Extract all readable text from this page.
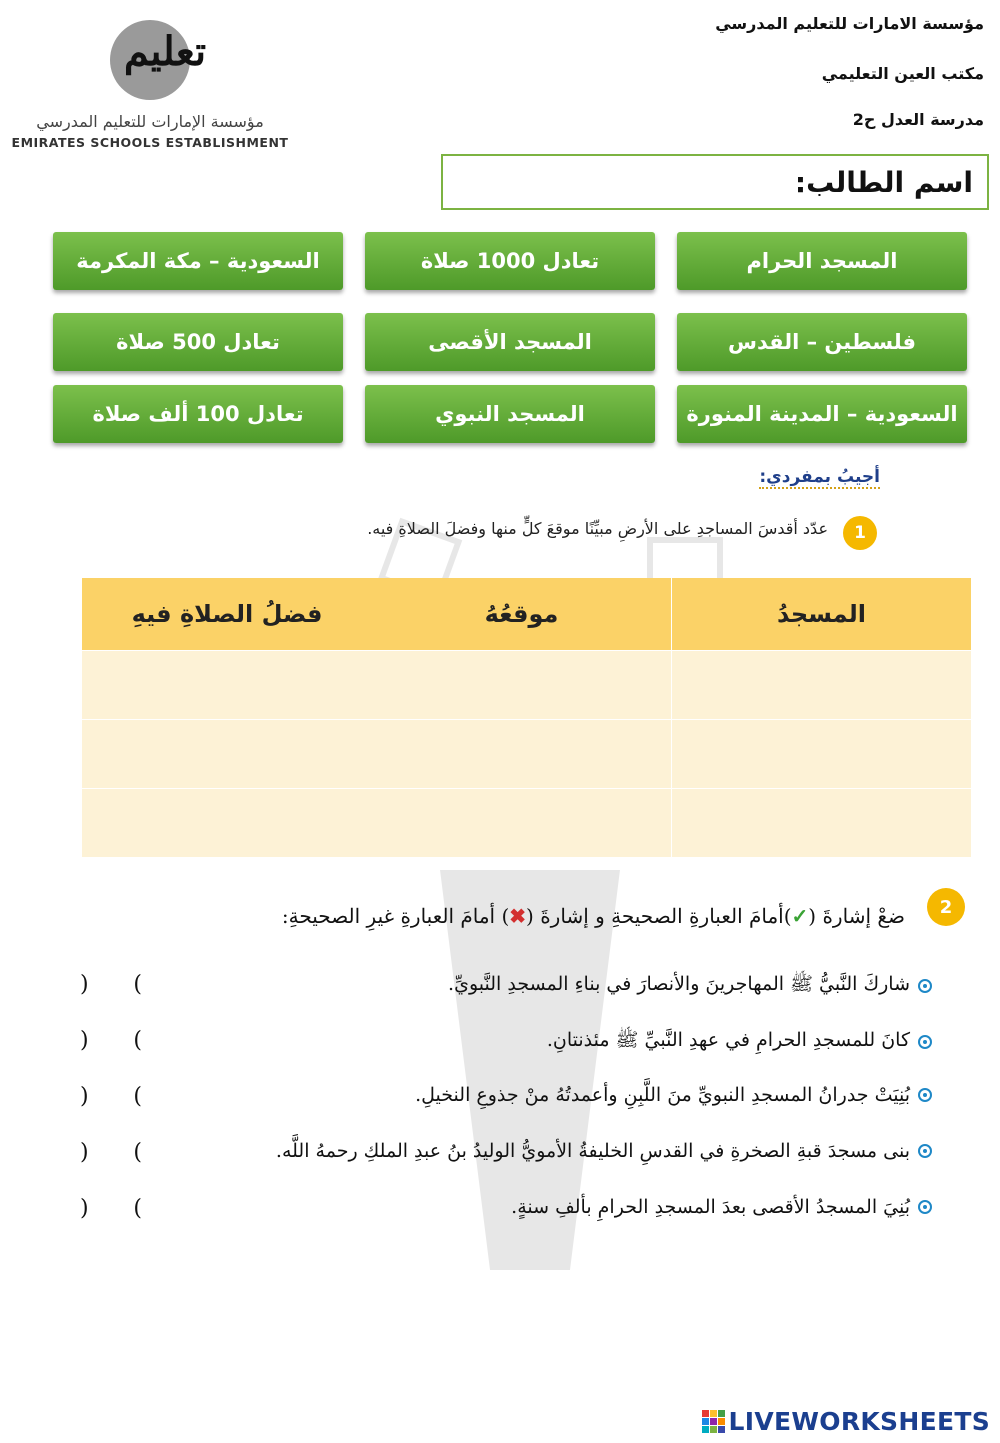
مؤسسة الامارات للتعليم المدرسي
مكتب العين التعليمي
مدرسة العدل ح2
تعليم
مؤسسة الإمارات للتعليم المدرسي
EMIRATES SCHOOLS ESTABLISHMENT
اسم الطالب:
المسجد الحرام
تعادل 1000 صلاة
السعودية – مكة المكرمة
فلسطين – القدس
المسجد الأقصى
تعادل 500 صلاة
السعودية – المدينة المنورة
المسجد النبوي
تعادل 100 ألف صلاة
أجيبُ بمفردي:
1
عدّد أقدسَ المساجدِ على الأرضِ مبيِّنًا موقعَ كلٍّ منها وفضلَ الصلاةِ فيه.
المسجدُ	موقعُهُ	فضلُ الصلاةِ فيهِ

2
ضعْ إشارةَ (✓)أمامَ العبارةِ الصحيحةِ و إشارةَ (✖) أمامَ العبارةِ غيرِ الصحيحةِ:
شاركَ النَّبيُّ ﷺ المهاجرينَ والأنصارَ في بناءِ المسجدِ النَّبويِّ.
) (
كانَ للمسجدِ الحرامِ في عهدِ النَّبيِّ ﷺ مئذنتانِ.
) (
بُنِيَتْ جدرانُ المسجدِ النبويِّ منَ اللَّبِنِ وأعمدتُهُ منْ جذوعِ النخيلِ.
) (
بنى مسجدَ قبةِ الصخرةِ في القدسِ الخليفةُ الأمويُّ الوليدُ بنُ عبدِ الملكِ رحمهُ اللَّه.
) (
بُنِيَ المسجدُ الأقصى بعدَ المسجدِ الحرامِ بألفِ سنةٍ.
) (
LIVEWORKSHEETS
